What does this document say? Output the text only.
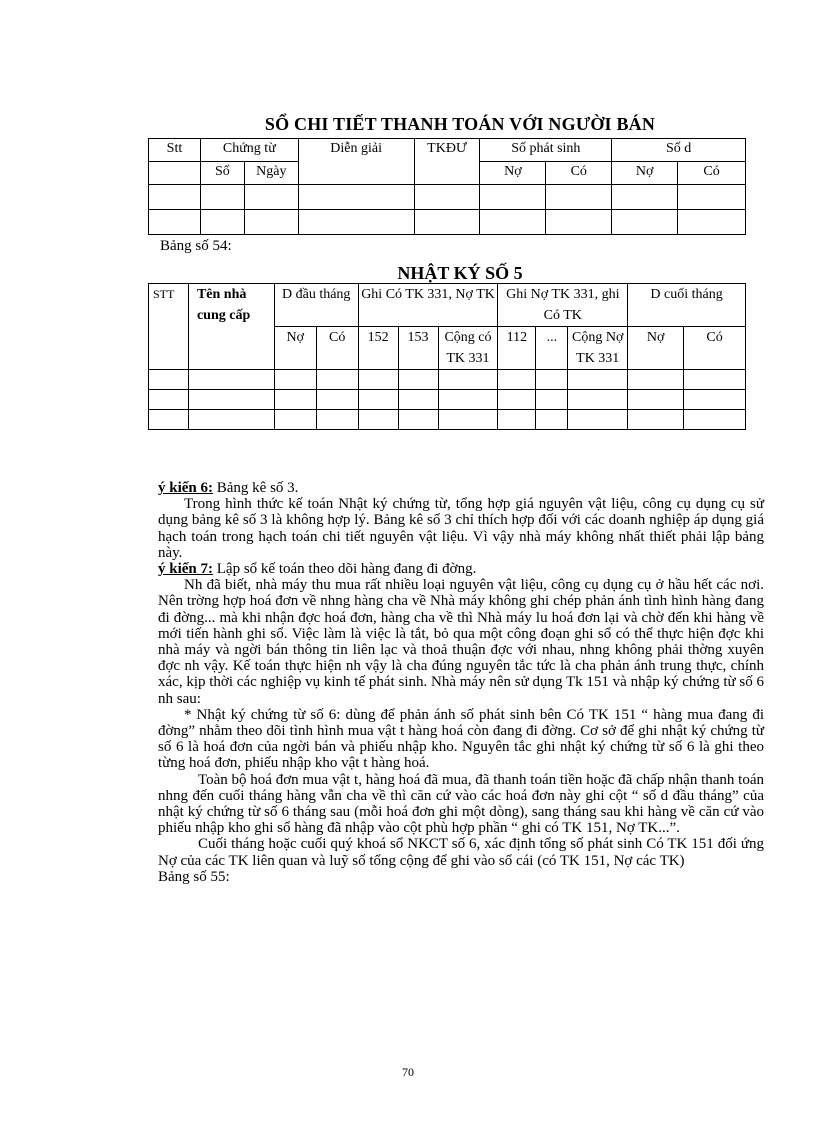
SỔ CHI TIẾT THANH TOÁN VỚI NGƯỜI BÁN
Stt	Chứng từ		Diễn giải	TKĐƯ	Số phát sinh		Số d	
	Số	Ngày			Nợ	Có	Nợ	Có

Bảng số 54:
NHẬT KÝ SỐ 5
STT	Tên nhà cung cấp	D đầu tháng		Ghi Có TK 331, Nợ TK			Ghi Nợ TK 331, ghi Có TK			D cuối tháng	
		Nợ	Có	152	153	Cộng có TK 331	112	...	Cộng Nợ TK 331	Nợ	Có

ý kiến 6: Bảng kê số 3.

Trong hình thức kế toán Nhật ký chứng từ, tổng hợp giá nguyên vật liệu, công cụ dụng cụ sử dụng bảng kê số 3 là không hợp lý. Bảng kê số 3 chỉ thích hợp đối với các doanh nghiệp áp dụng giá hạch toán trong hạch toán chi tiết nguyên vật liệu. Vì vậy nhà máy không nhất thiết phải lập bảng này.

ý kiến 7: Lập sổ kế toán theo dõi hàng đang đi đờng.

Nh đã biết, nhà máy thu mua rất nhiều loại nguyên vật liệu, công cụ dụng cụ ở hầu hết các nơi. Nên trờng hợp hoá đơn về nhng hàng cha về Nhà máy không ghi chép phản ánh tình hình hàng đang đi đờng... mà khi nhận đợc hoá đơn, hàng cha về thì Nhà máy lu hoá đơn lại và chờ đến khi hàng về mới tiến hành ghi sổ. Việc làm là việc là tắt, bỏ qua một công đoạn ghi sổ có thể thực hiện đợc khi nhà máy và ngời bán thông tin liên lạc và thoả thuận đợc với nhau, nhng không phải thờng xuyên đợc nh vậy. Kế toán thực hiện nh vậy là cha đúng nguyên tắc tức là cha phản ánh trung thực, chính xác, kịp thời các nghiệp vụ kinh tế phát sinh. Nhà máy nên sử dụng Tk 151 và nhập ký chứng từ số 6 nh sau:

* Nhật ký chứng từ số 6: dùng để phản ánh số phát sinh bên Có TK 151 “ hàng mua đang đi đờng” nhằm theo dõi tình hình mua vật t hàng hoá còn đang đi đờng. Cơ sở để ghi nhật ký chứng từ số 6 là hoá đơn của ngời bán và phiếu nhập kho. Nguyên tắc ghi nhật ký chứng từ số 6 là ghi theo từng hoá đơn, phiếu nhập kho vật t hàng hoá.

Toàn bộ hoá đơn mua vật t, hàng hoá đã mua, đã thanh toán tiền hoặc đã chấp nhận thanh toán nhng đến cuối tháng hàng vẫn cha về thì căn cứ vào các hoá đơn này ghi cột “ số d đầu tháng” của nhật ký chứng từ số 6 tháng sau (mỗi hoá đơn ghi một dòng), sang tháng sau khi hàng về căn cứ vào phiếu nhập kho ghi sổ hàng đã nhập vào cột phù hợp phần “ ghi có TK 151, Nợ TK...”.

Cuối tháng hoặc cuối quý khoá sổ NKCT số 6, xác định tổng số phát sinh Có TK 151 đối ứng Nợ của các TK liên quan và luỹ số tổng cộng để ghi vào sổ cái (có TK 151, Nợ các TK)

Bảng số 55:

70
